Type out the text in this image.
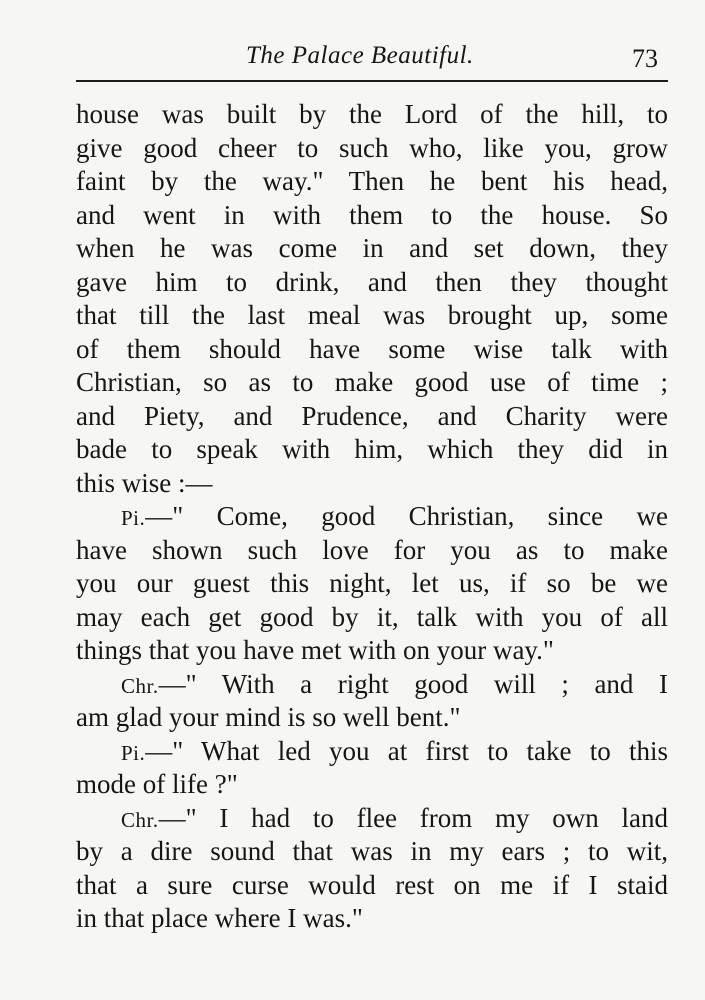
The Palace Beautiful.	73
house was built by the Lord of the hill, to
give good cheer to such who, like you, grow
faint by the way." Then he bent his head,
and went in with them to the house. So
when he was come in and set down, they
gave him to drink, and then they thought
that till the last meal was brought up, some
of them should have some wise talk with
Christian, so as to make good use of time ;
and Piety, and Prudence, and Charity were
bade to speak with him, which they did in
this wise :—
Pi.—" Come, good Christian, since we
have shown such love for you as to make
you our guest this night, let us, if so be we
may each get good by it, talk with you of all
things that you have met with on your way."
Chr.—" With a right good will ; and I
am glad your mind is so well bent."
Pi.—" What led you at first to take to this
mode of life ?"
Chr.—" I had to flee from my own land
by a dire sound that was in my ears ; to wit,
that a sure curse would rest on me if I staid
in that place where I was."
